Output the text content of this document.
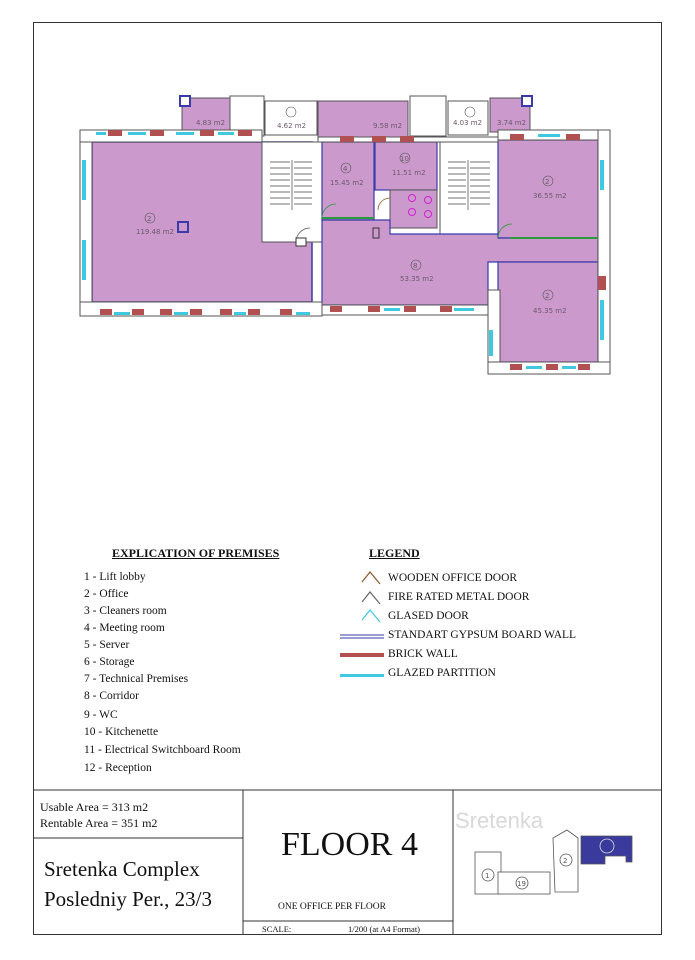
Sretenka
4.83 m2	4.62 m2	9.58 m2	4.03 m2 3.74 m2
2
119.48 m2
4
15.45 m2
10
11.51 m2
2
36.55 m2
8
53.35 m2
2
45.35 m2
EXPLICATION OF PREMISES
1 - Lift lobby
2 - Office
3 - Cleaners room
4 - Meeting room
5 - Server
6 - Storage
7 - Technical Premises
8 - Corridor
9 - WC
10 - Kitchenette
11 - Electrical Switchboard Room
12 - Reception
LEGEND
WOODEN OFFICE DOOR
FIRE RATED METAL DOOR
GLASED DOOR
STANDART GYPSUM BOARD WALL
BRICK WALL
GLAZED PARTITION
Usable Area = 313 m2
Rentable Area = 351 m2
Sretenka Complex
Posledniy Per., 23/3
FLOOR 4
ONE OFFICE PER FLOOR
SCALE:	1/200 (at A4 Format)
1
19
2
